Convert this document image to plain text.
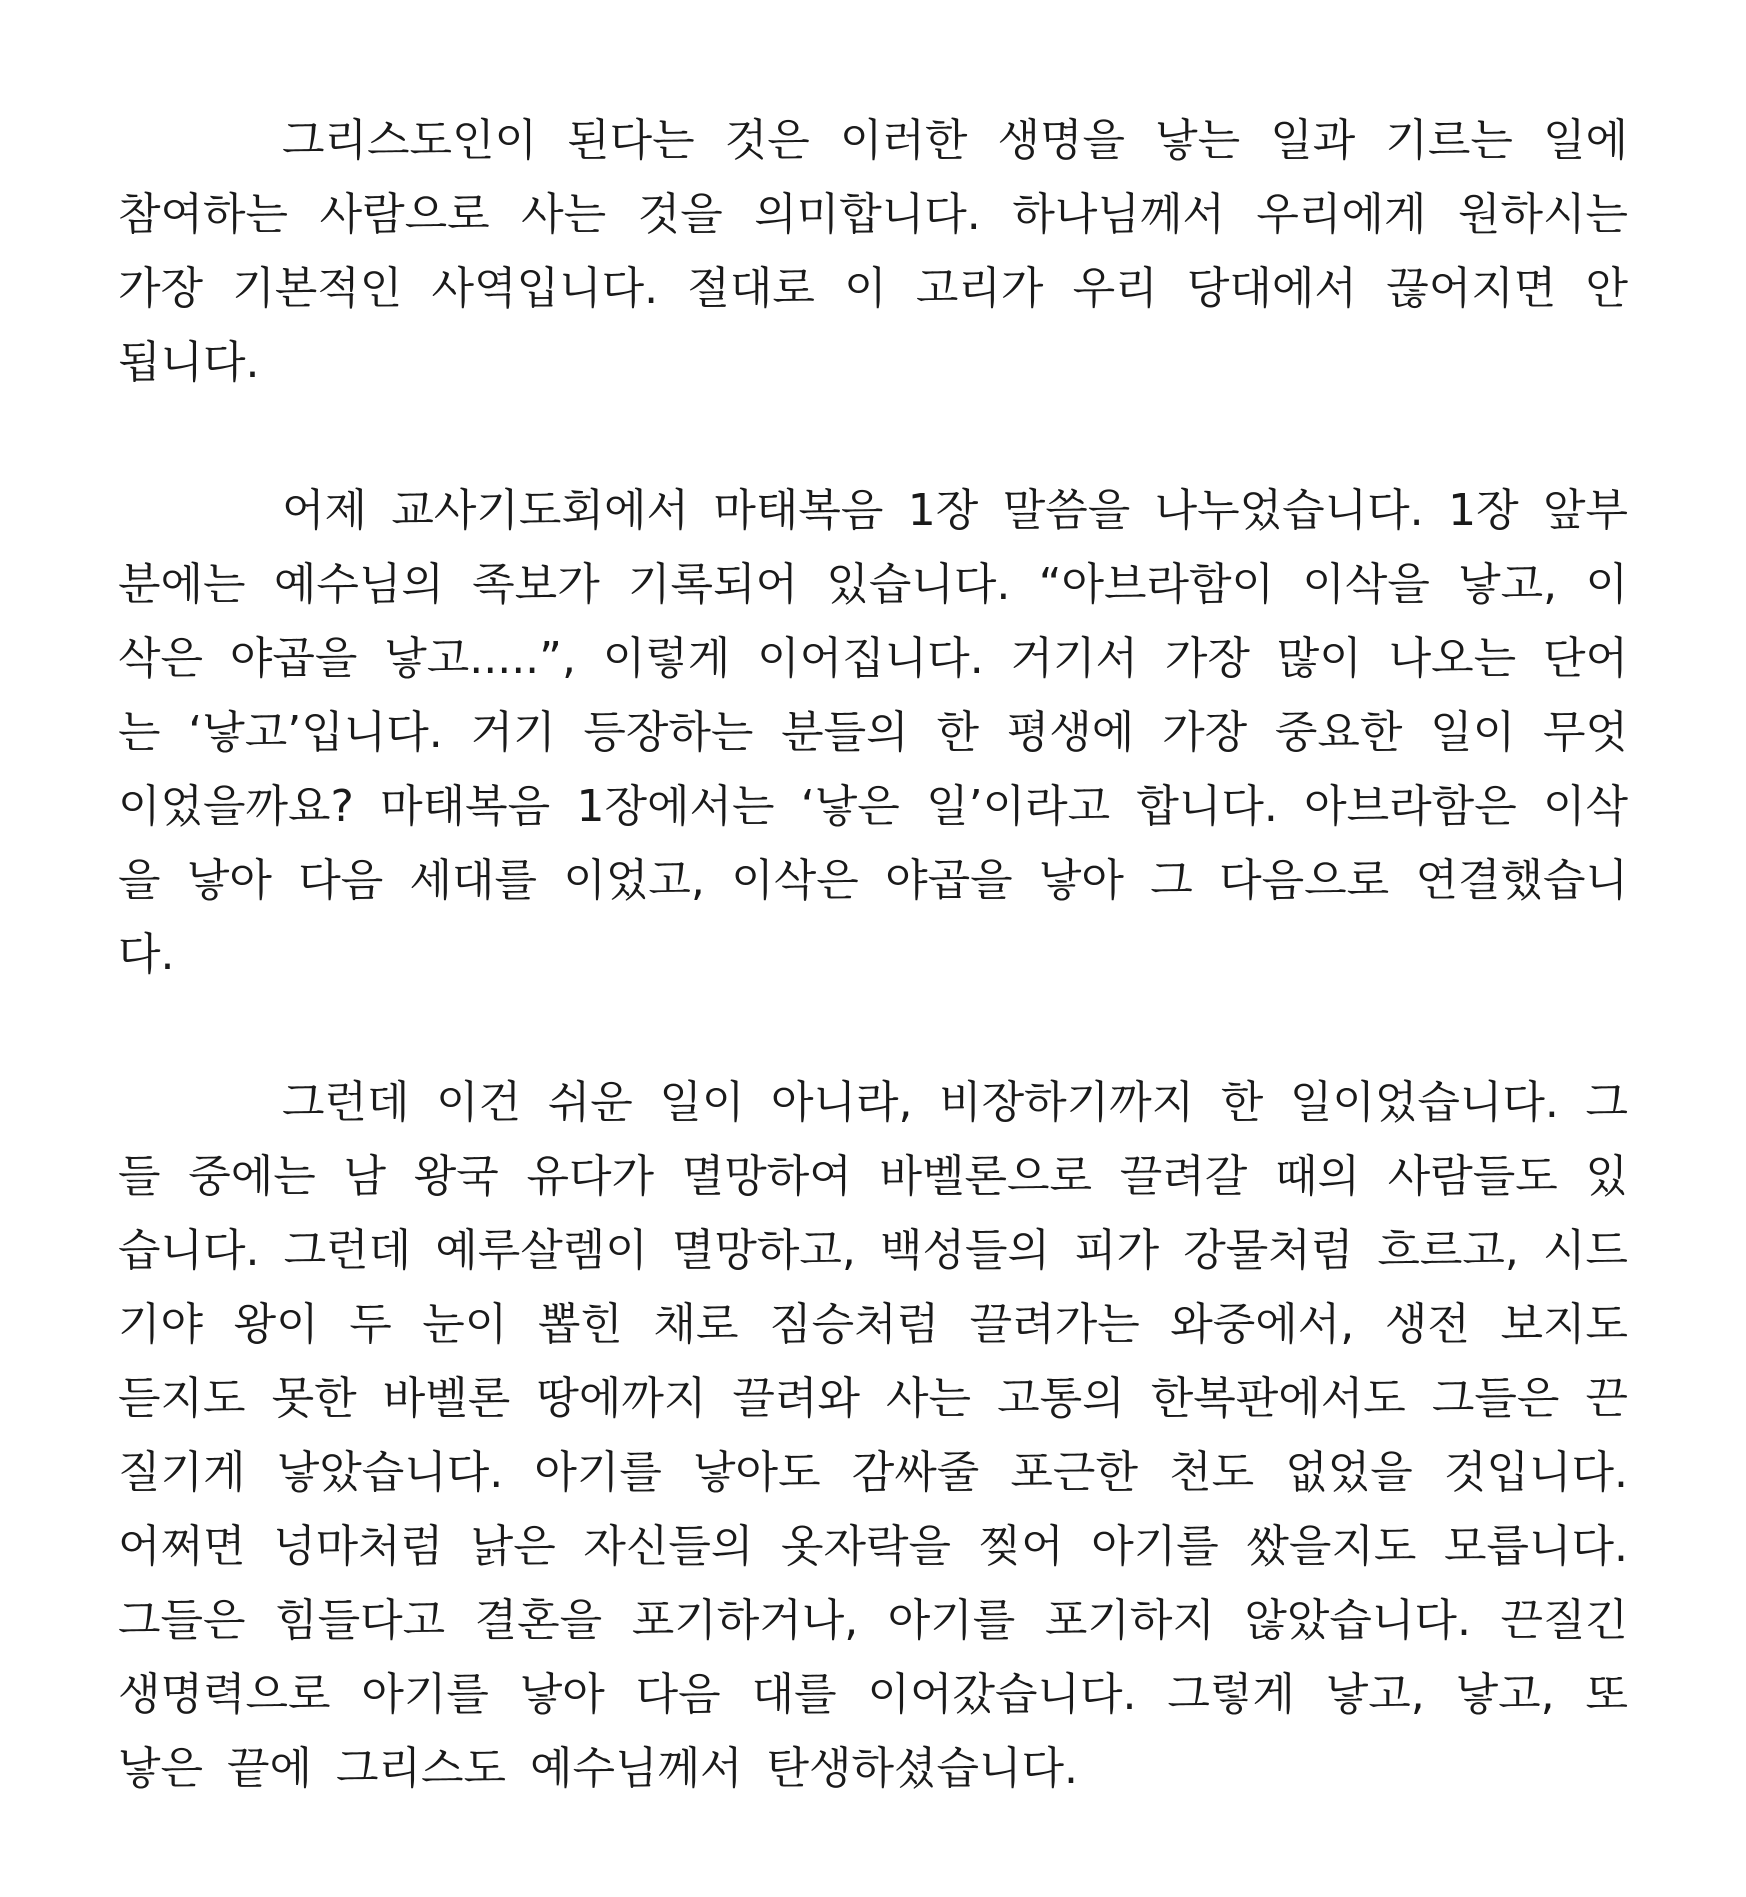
그리스도인이 된다는 것은 이러한 생명을 낳는 일과 기르는 일에 참여하는 사람으로 사는 것을 의미합니다. 하나님께서 우리에게 원하시는 가장 기본적인 사역입니다. 절대로 이 고리가 우리 당대에서 끊어지면 안 됩니다.

어제 교사기도회에서 마태복음 1장 말씀을 나누었습니다. 1장 앞부분에는 예수님의 족보가 기록되어 있습니다. “아브라함이 이삭을 낳고, 이삭은 야곱을 낳고.....”, 이렇게 이어집니다. 거기서 가장 많이 나오는 단어는 ‘낳고’입니다. 거기 등장하는 분들의 한 평생에 가장 중요한 일이 무엇이었을까요? 마태복음 1장에서는 ‘낳은 일’이라고 합니다. 아브라함은 이삭을 낳아 다음 세대를 이었고, 이삭은 야곱을 낳아 그 다음으로 연결했습니다.

그런데 이건 쉬운 일이 아니라, 비장하기까지 한 일이었습니다. 그들 중에는 남 왕국 유다가 멸망하여 바벨론으로 끌려갈 때의 사람들도 있습니다. 그런데 예루살렘이 멸망하고, 백성들의 피가 강물처럼 흐르고, 시드기야 왕이 두 눈이 뽑힌 채로 짐승처럼 끌려가는 와중에서, 생전 보지도 듣지도 못한 바벨론 땅에까지 끌려와 사는 고통의 한복판에서도 그들은 끈질기게 낳았습니다. 아기를 낳아도 감싸줄 포근한 천도 없었을 것입니다. 어쩌면 넝마처럼 낡은 자신들의 옷자락을 찢어 아기를 쌌을지도 모릅니다. 그들은 힘들다고 결혼을 포기하거나, 아기를 포기하지 않았습니다. 끈질긴 생명력으로 아기를 낳아 다음 대를 이어갔습니다. 그렇게 낳고, 낳고, 또 낳은 끝에 그리스도 예수님께서 탄생하셨습니다.
